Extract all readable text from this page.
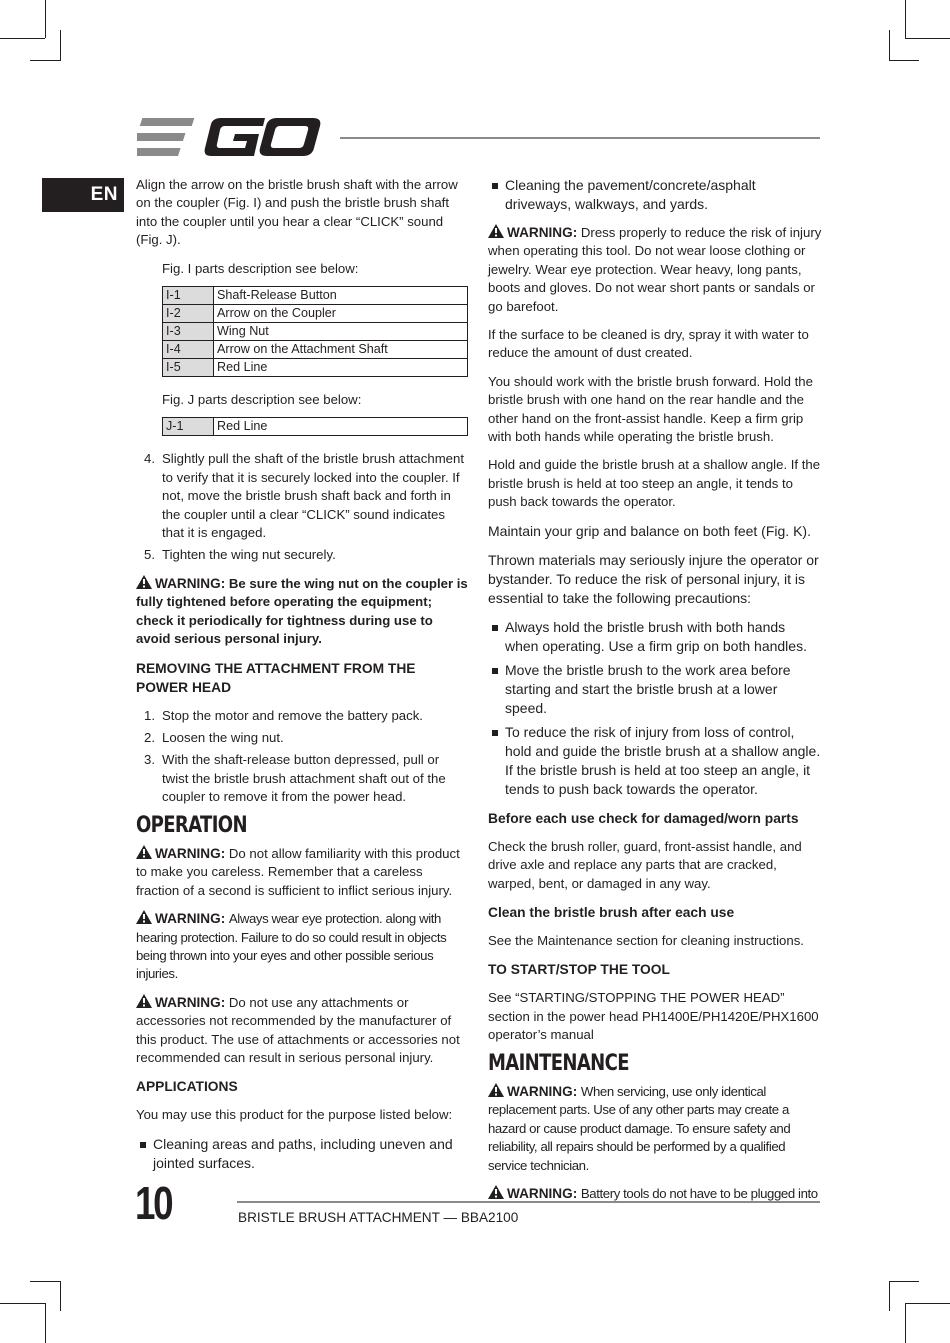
EN	Align the arrow on the bristle brush shaft with the arrow on the coupler (Fig. I) and push the bristle brush shaft into the coupler until you hear a clear “CLICK” sound (Fig. J).

Fig. I parts description see below:

I-1	Shaft-Release Button
I-2	Arrow on the Coupler
I-3	Wing Nut
I-4	Arrow on the Attachment Shaft
I-5	Red Line

Fig. J parts description see below:

J-1	Red Line
4. Slightly pull the shaft of the bristle brush attachment to verify that it is securely locked into the coupler. If not, move the bristle brush shaft back and forth in the coupler until a clear “CLICK” sound indicates that it is engaged.
5. Tighten the wing nut securely.
WARNING: Be sure the wing nut on the coupler is fully tightened before operating the equipment; check it periodically for tightness during use to avoid serious personal injury.
REMOVING THE ATTACHMENT FROM THE POWER HEAD
1. Stop the motor and remove the battery pack.
2. Loosen the wing nut.
3. With the shaft-release button depressed, pull or twist the bristle brush attachment shaft out of the coupler to remove it from the power head.
OPERATION
WARNING: Do not allow familiarity with this product to make you careless. Remember that a careless fraction of a second is sufficient to inflict serious injury.
WARNING: Always wear eye protection. along with hearing protection. Failure to do so could result in objects being thrown into your eyes and other possible serious injuries.
WARNING: Do not use any attachments or accessories not recommended by the manufacturer of this product. The use of attachments or accessories not recommended can result in serious personal injury.
APPLICATIONS

You may use this product for the purpose listed below:

Cleaning areas and paths, including uneven and jointed surfaces.
Cleaning the pavement/concrete/asphalt driveways, walkways, and yards.
WARNING: Dress properly to reduce the risk of injury when operating this tool. Do not wear loose clothing or jewelry. Wear eye protection. Wear heavy, long pants, boots and gloves. Do not wear short pants or sandals or go barefoot.

If the surface to be cleaned is dry, spray it with water to reduce the amount of dust created.

You should work with the bristle brush forward. Hold the bristle brush with one hand on the rear handle and the other hand on the front-assist handle. Keep a firm grip with both hands while operating the bristle brush.

Hold and guide the bristle brush at a shallow angle. If the bristle brush is held at too steep an angle, it tends to push back towards the operator.

Maintain your grip and balance on both feet (Fig. K).

Thrown materials may seriously injure the operator or bystander. To reduce the risk of personal injury, it is essential to take the following precautions:

Always hold the bristle brush with both hands when operating. Use a firm grip on both handles.
Move the bristle brush to the work area before starting and start the bristle brush at a lower speed.
To reduce the risk of injury from loss of control, hold and guide the bristle brush at a shallow angle. If the bristle brush is held at too steep an angle, it tends to push back towards the operator.
Before each use check for damaged/worn parts

Check the brush roller, guard, front-assist handle, and drive axle and replace any parts that are cracked, warped, bent, or damaged in any way.

Clean the bristle brush after each use

See the Maintenance section for cleaning instructions.

TO START/STOP THE TOOL

See “STARTING/STOPPING THE POWER HEAD” section in the power head PH1400E/PH1420E/PHX1600 operator’s manual

MAINTENANCE
WARNING: When servicing, use only identical replacement parts. Use of any other parts may create a hazard or cause product damage. To ensure safety and reliability, all repairs should be performed by a qualified service technician.
WARNING: Battery tools do not have to be plugged into
10	BRISTLE BRUSH ATTACHMENT — BBA2100
